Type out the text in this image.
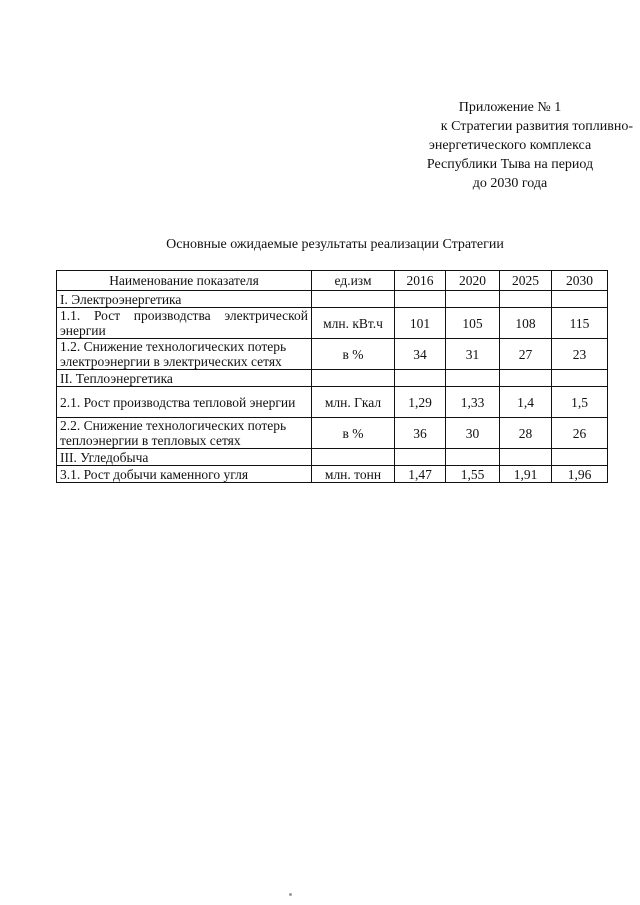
Приложение № 1
к Стратегии развития топливно-
энергетического комплекса
Республики Тыва на период
до 2030 года
Основные ожидаемые результаты реализации Стратегии
Наименование показателя	ед.изм	2016	2020	2025	2030
I. Электроэнергетика					
1.1. Рост производства электрической энергии	млн. кВт.ч	101	105	108	115
1.2. Снижение технологических потерь электроэнергии в электрических сетях	в %	34	31	27	23
II. Теплоэнергетика					
2.1. Рост производства тепловой энергии	млн. Гкал	1,29	1,33	1,4	1,5
2.2. Снижение технологических потерь теплоэнергии в тепловых сетях	в %	36	30	28	26
III. Угледобыча					
3.1. Рост добычи каменного угля	млн. тонн	1,47	1,55	1,91	1,96
